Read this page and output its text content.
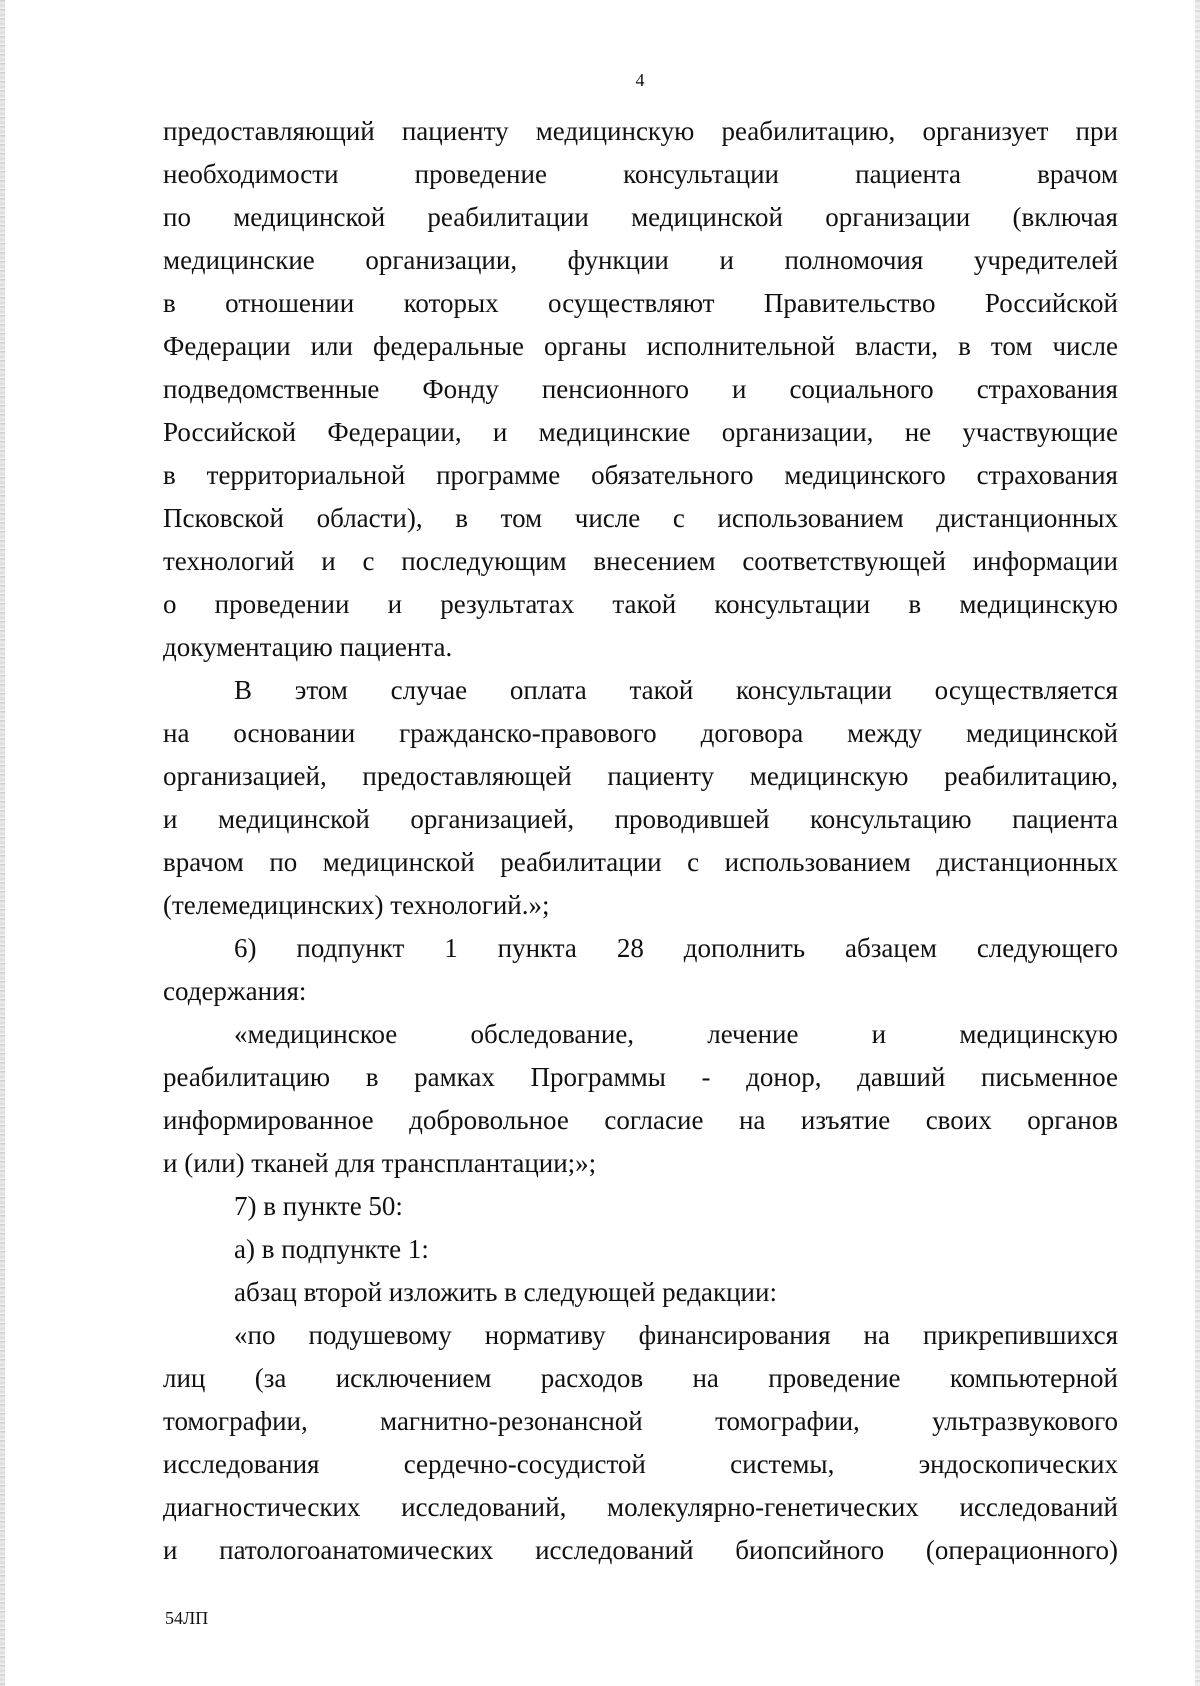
4
предоставляющий пациенту медицинскую реабилитацию, организует при
необходимости	проведение	консультации	пациента	врачом
по медицинской реабилитации медицинской организации (включая
медицинские организации, функции и полномочия учредителей
в отношении которых осуществляют Правительство Российской
Федерации или федеральные органы исполнительной власти, в том числе
подведомственные Фонду пенсионного и социального страхования
Российской Федерации, и медицинские организации, не участвующие
в территориальной программе обязательного медицинского страхования
Псковской области), в том числе с использованием дистанционных
технологий и с последующим внесением соответствующей информации
о проведении и результатах такой консультации в медицинскую
документацию пациента.
В этом случае оплата такой консультации осуществляется
на основании гражданско-правового договора между медицинской
организацией, предоставляющей пациенту медицинскую реабилитацию,
и медицинской организацией, проводившей консультацию пациента
врачом по медицинской реабилитации с использованием дистанционных
(телемедицинских) технологий.»;
6) подпункт 1 пункта 28 дополнить абзацем следующего
содержания:
«медицинское	обследование,	лечение	и	медицинскую
реабилитацию в рамках Программы - донор, давший письменное
информированное добровольное согласие на изъятие своих органов
и (или) тканей для трансплантации;»;
7) в пункте 50:
а) в подпункте 1:
абзац второй изложить в следующей редакции:
«по подушевому нормативу финансирования на прикрепившихся
лиц (за исключением расходов на проведение компьютерной
томографии,	магнитно-резонансной	томографии,	ультразвукового
исследования	сердечно-сосудистой	системы,	эндоскопических
диагностических исследований, молекулярно-генетических исследований
и патологоанатомических исследований биопсийного (операционного)
54ЛП
